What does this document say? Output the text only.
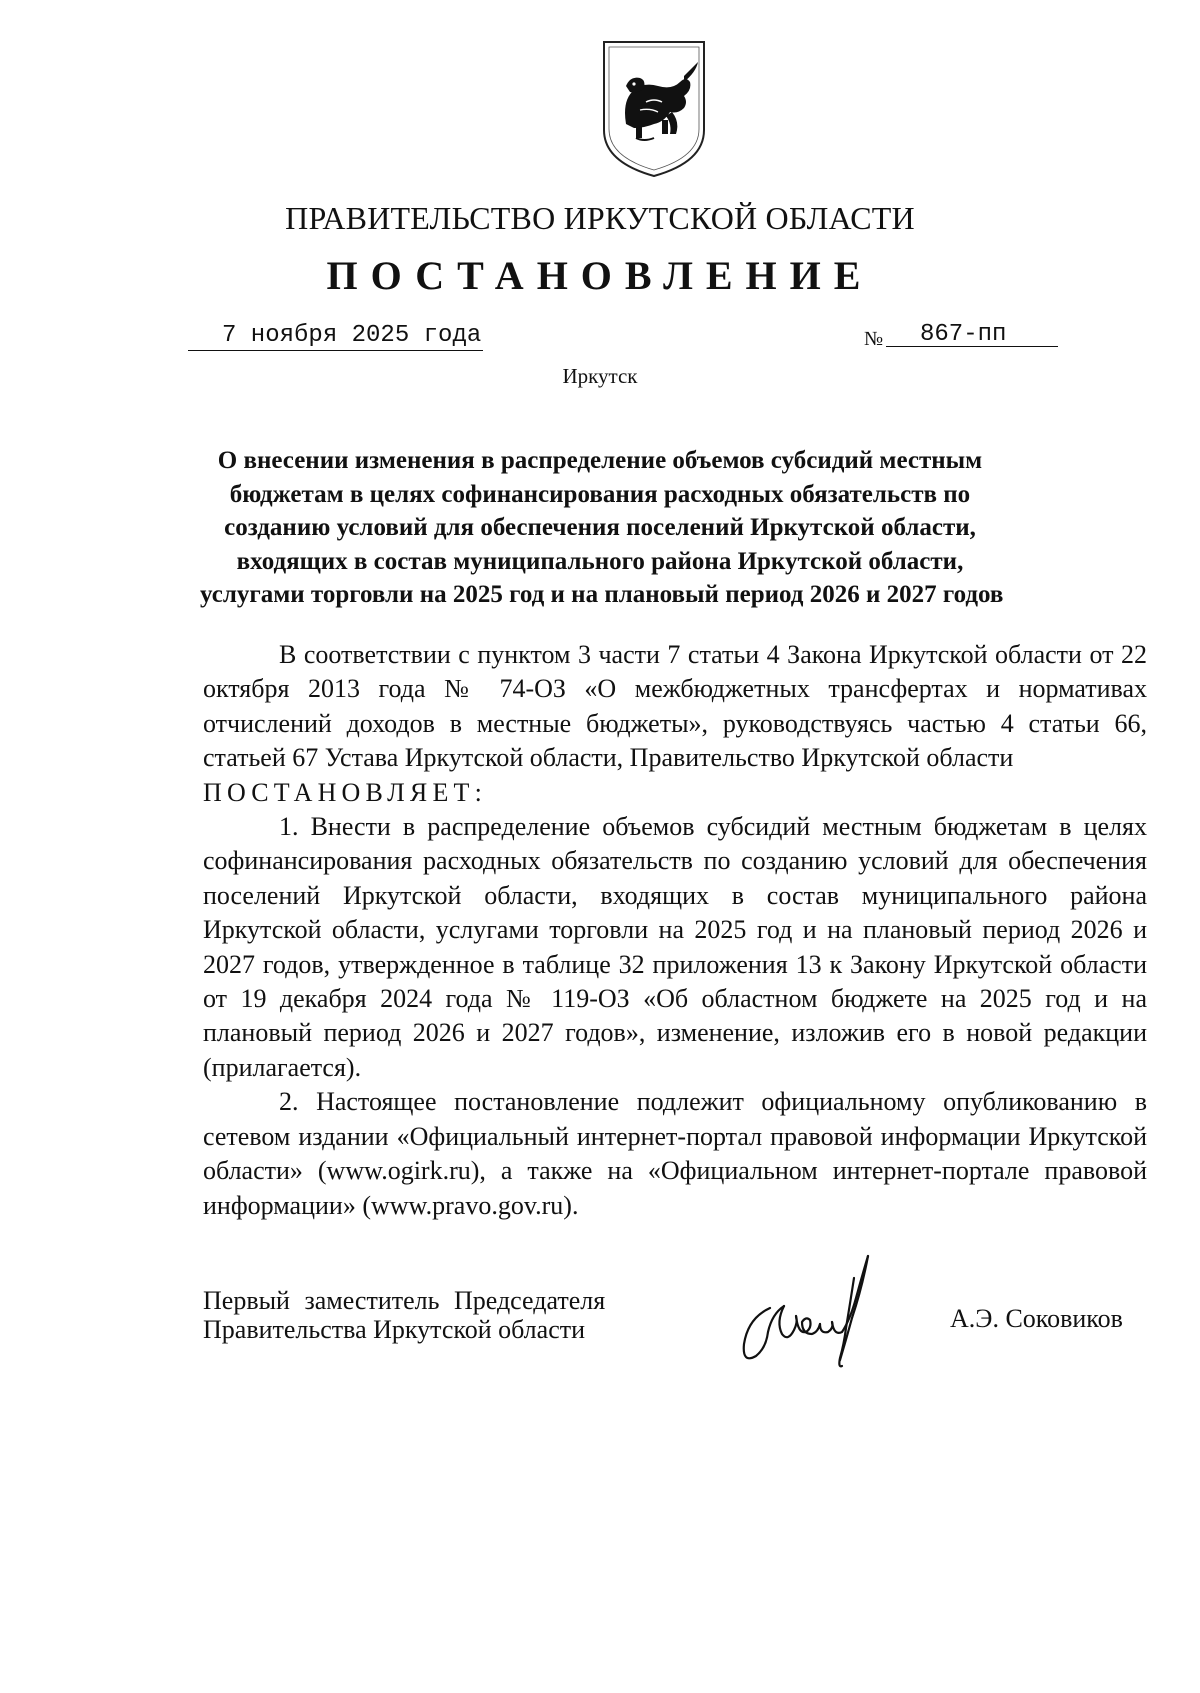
ПРАВИТЕЛЬСТВО ИРКУТСКОЙ ОБЛАСТИ
ПОСТАНОВЛЕНИЕ
7 ноября 2025 года	№ 867-пп
Иркутск
О внесении изменения в распределение объемов субсидий местным
бюджетам в целях софинансирования расходных обязательств по
созданию условий для обеспечения поселений Иркутской области,
входящих в состав муниципального района Иркутской области,
услугами торговли на 2025 год и на плановый период 2026 и 2027 годов

В соответствии с пунктом 3 части 7 статьи 4 Закона Иркутской области от 22 октября 2013 года № 74-ОЗ «О межбюджетных трансфертах и нормативах отчислений доходов в местные бюджеты», руководствуясь частью 4 статьи 66, статьей 67 Устава Иркутской области, Правительство Иркутской области

ПОСТАНОВЛЯЕТ:

1. Внести в распределение объемов субсидий местным бюджетам в целях софинансирования расходных обязательств по созданию условий для обеспечения поселений Иркутской области, входящих в состав муниципального района Иркутской области, услугами торговли на 2025 год и на плановый период 2026 и 2027 годов, утвержденное в таблице 32 приложения 13 к Закону Иркутской области от 19 декабря 2024 года № 119-ОЗ «Об областном бюджете на 2025 год и на плановый период 2026 и 2027 годов», изменение, изложив его в новой редакции (прилагается).

2. Настоящее постановление подлежит официальному опубликованию в сетевом издании «Официальный интернет-портал правовой информации Иркутской области» (www.ogirk.ru), а также на «Официальном интернет-портале правовой информации» (www.pravo.gov.ru).

Первый заместитель Председателя
Правительства Иркутской области	А.Э. Соковиков
